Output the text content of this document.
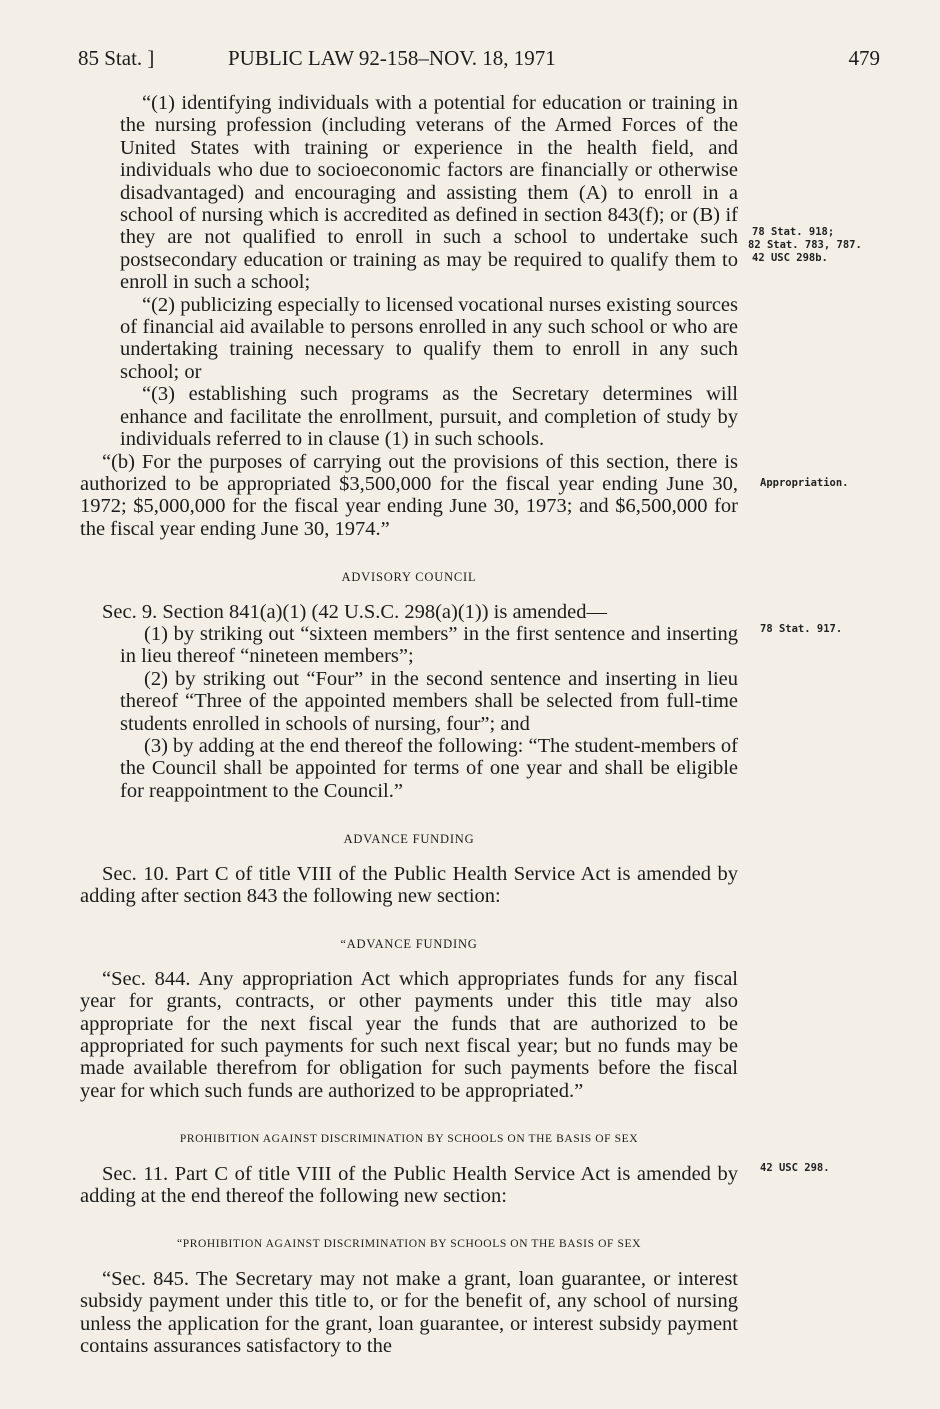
85 Stat. ]	PUBLIC LAW 92-158–NOV. 18, 1971	479

“(1) identifying individuals with a potential for education or training in the nursing profession (including veterans of the Armed Forces of the United States with training or experience in the health field, and individuals who due to socioeconomic factors are financially or otherwise disadvantaged) and encouraging and assisting them (A) to enroll in a school of nursing which is accredited as defined in section 843(f); or (B) if they are not qualified to enroll in such a school to undertake such postsecondary education or training as may be required to qualify them to enroll in such a school;

“(2) publicizing especially to licensed vocational nurses existing sources of financial aid available to persons enrolled in any such school or who are undertaking training necessary to qualify them to enroll in any such school; or

“(3) establishing such programs as the Secretary determines will enhance and facilitate the enrollment, pursuit, and completion of study by individuals referred to in clause (1) in such schools.

“(b) For the purposes of carrying out the provisions of this section, there is authorized to be appropriated $3,500,000 for the fiscal year ending June 30, 1972; $5,000,000 for the fiscal year ending June 30, 1973; and $6,500,000 for the fiscal year ending June 30, 1974.”

ADVISORY COUNCIL

Sec. 9. Section 841(a)(1) (42 U.S.C. 298(a)(1)) is amended—

(1) by striking out “sixteen members” in the first sentence and inserting in lieu thereof “nineteen members”;

(2) by striking out “Four” in the second sentence and inserting in lieu thereof “Three of the appointed members shall be selected from full-time students enrolled in schools of nursing, four”; and

(3) by adding at the end thereof the following: “The student-members of the Council shall be appointed for terms of one year and shall be eligible for reappointment to the Council.”

ADVANCE FUNDING

Sec. 10. Part C of title VIII of the Public Health Service Act is amended by adding after section 843 the following new section:

“ADVANCE FUNDING

“Sec. 844. Any appropriation Act which appropriates funds for any fiscal year for grants, contracts, or other payments under this title may also appropriate for the next fiscal year the funds that are authorized to be appropriated for such payments for such next fiscal year; but no funds may be made available therefrom for obligation for such payments before the fiscal year for which such funds are authorized to be appropriated.”

PROHIBITION AGAINST DISCRIMINATION BY SCHOOLS ON THE BASIS OF SEX

Sec. 11. Part C of title VIII of the Public Health Service Act is amended by adding at the end thereof the following new section:

“PROHIBITION AGAINST DISCRIMINATION BY SCHOOLS ON THE BASIS OF SEX

“Sec. 845. The Secretary may not make a grant, loan guarantee, or interest subsidy payment under this title to, or for the benefit of, any school of nursing unless the application for the grant, loan guarantee, or interest subsidy payment contains assurances satisfactory to the

78 Stat. 918;
82 Stat. 783, 787.
42 USC 298b.
Appropriation.
78 Stat. 917.
42 USC 298.
